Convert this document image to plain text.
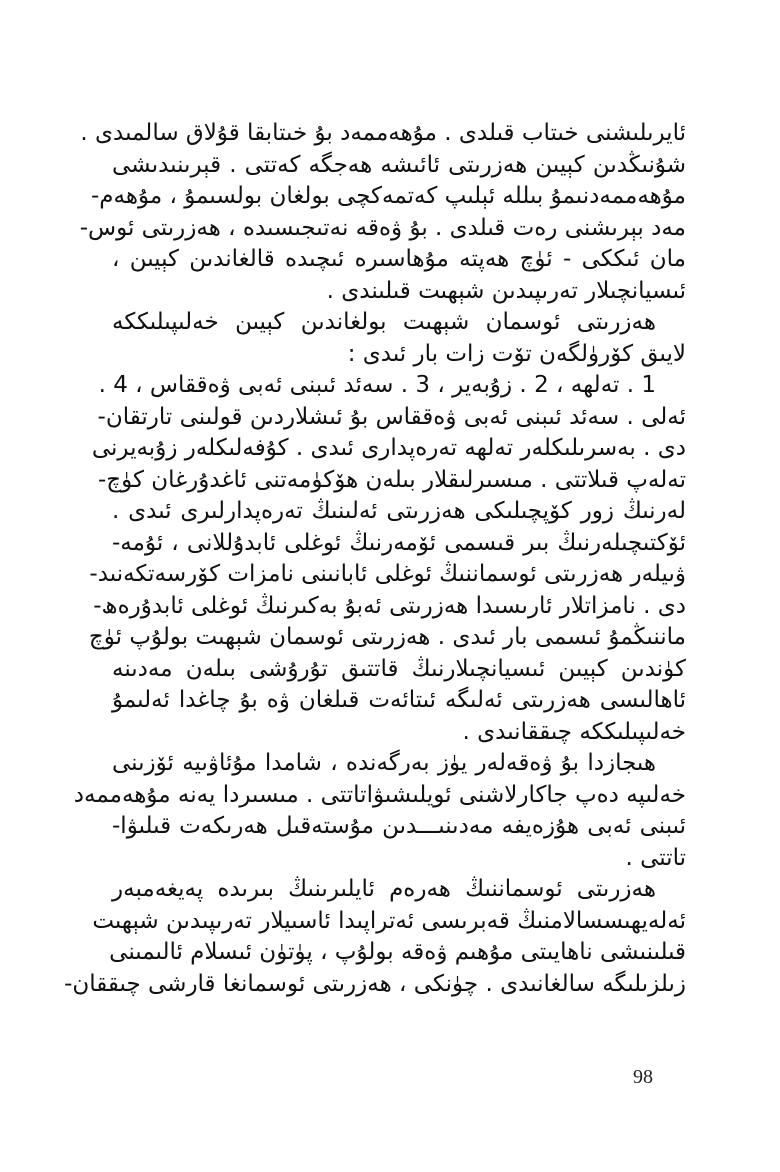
ئايرىلىشنى خىتاب قىلدى . مۇھەممەد بۇ خىتابقا قۇلاق سالمىدى .
شۇنىڭدىن كېيىن ھەزرىتى ئائىشە ھەجگە كەتتى . قېرىنىدىشى
مۇھەممەدنىمۇ بىللە ئېلىپ كەتمەكچى بولغان بولسىمۇ ، مۇھەم-
مەد بېرىشنى رەت قىلدى . بۇ ۋەقە نەتىجىسىدە ، ھەزرىتى ئوس-
مان ئىككى - ئۈچ ھەپتە مۇھاسىرە ئىچىدە قالغاندىن كېيىن ،
ئىسيانچىلار تەرىپىدىن شېھىت قىلىندى .
ھەزرىتى ئوسمان شېھىت بولغاندىن كېيىن خەلىپىلىككە
لايىق كۆرۈلگەن تۆت زات بار ئىدى :
1 . تەلھە ، 2 . زۇبەير ، 3 . سەئد ئىبنى ئەبى ۋەققاس ، 4 .
ئەلى . سەئد ئىبنى ئەبى ۋەققاس بۇ ئىشلاردىن قولىنى تارتقان-
دى . بەسرىلىكلەر تەلھە تەرەپدارى ئىدى . كۇفەلىكلەر زۇبەيرنى
تەلەپ قىلاتتى . مىسىرلىقلار بىلەن ھۆكۈمەتنى ئاغدۇرغان كۈچ-
لەرنىڭ زور كۆپچىلىكى ھەزرىتى ئەلىنىڭ تەرەپدارلىرى ئىدى .
ئۆكتىچىلەرنىڭ بىر قىسمى ئۆمەرنىڭ ئوغلى ئابدۇللانى ، ئۇمە-
ۋىيلەر ھەزرىتى ئوسماننىڭ ئوغلى ئابانىنى نامزات كۆرسەتكەنىد-
دى . نامزاتلار ئارىسىدا ھەزرىتى ئەبۇ بەكىرنىڭ ئوغلى ئابدۇرەھ-
ماننىڭمۇ ئىسمى بار ئىدى . ھەزرىتى ئوسمان شېھىت بولۇپ ئۈچ
كۈندىن كېيىن ئىسيانچىلارنىڭ قاتتىق تۇرۇشى بىلەن مەدىنە
ئاھالىسى ھەزرىتى ئەلىگە ئىتائەت قىلغان ۋە بۇ چاغدا ئەلىمۇ
خەلىپىلىككە چىققانىدى .
ھىجازدا بۇ ۋەقەلەر يۈز بەرگەندە ، شامدا مۇئاۋىيە ئۆزىنى
خەلىپە دەپ جاكارلاشنى ئويلىشىۋاتاتتى . مىسىردا يەنە مۇھەممەد
ئىبنى ئەبى ھۇزەيفە مەدىنىـــدىن مۇستەقىل ھەرىكەت قىلىۋا-
تاتتى .
ھەزرىتى ئوسماننىڭ ھەرەم ئايلىرىنىڭ بىرىدە پەيغەمبەر
ئەلەيھىسسالامنىڭ قەبرىسى ئەتراپىدا ئاسىيلار تەرىپىدىن شېھىت
قىلىنىشى ناھايىتى مۇھىم ۋەقە بولۇپ ، پۈتۈن ئىسلام ئالىمىنى
زىلزىلىگە سالغانىدى . چۈنكى ، ھەزرىتى ئوسمانغا قارشى چىققان-
98
